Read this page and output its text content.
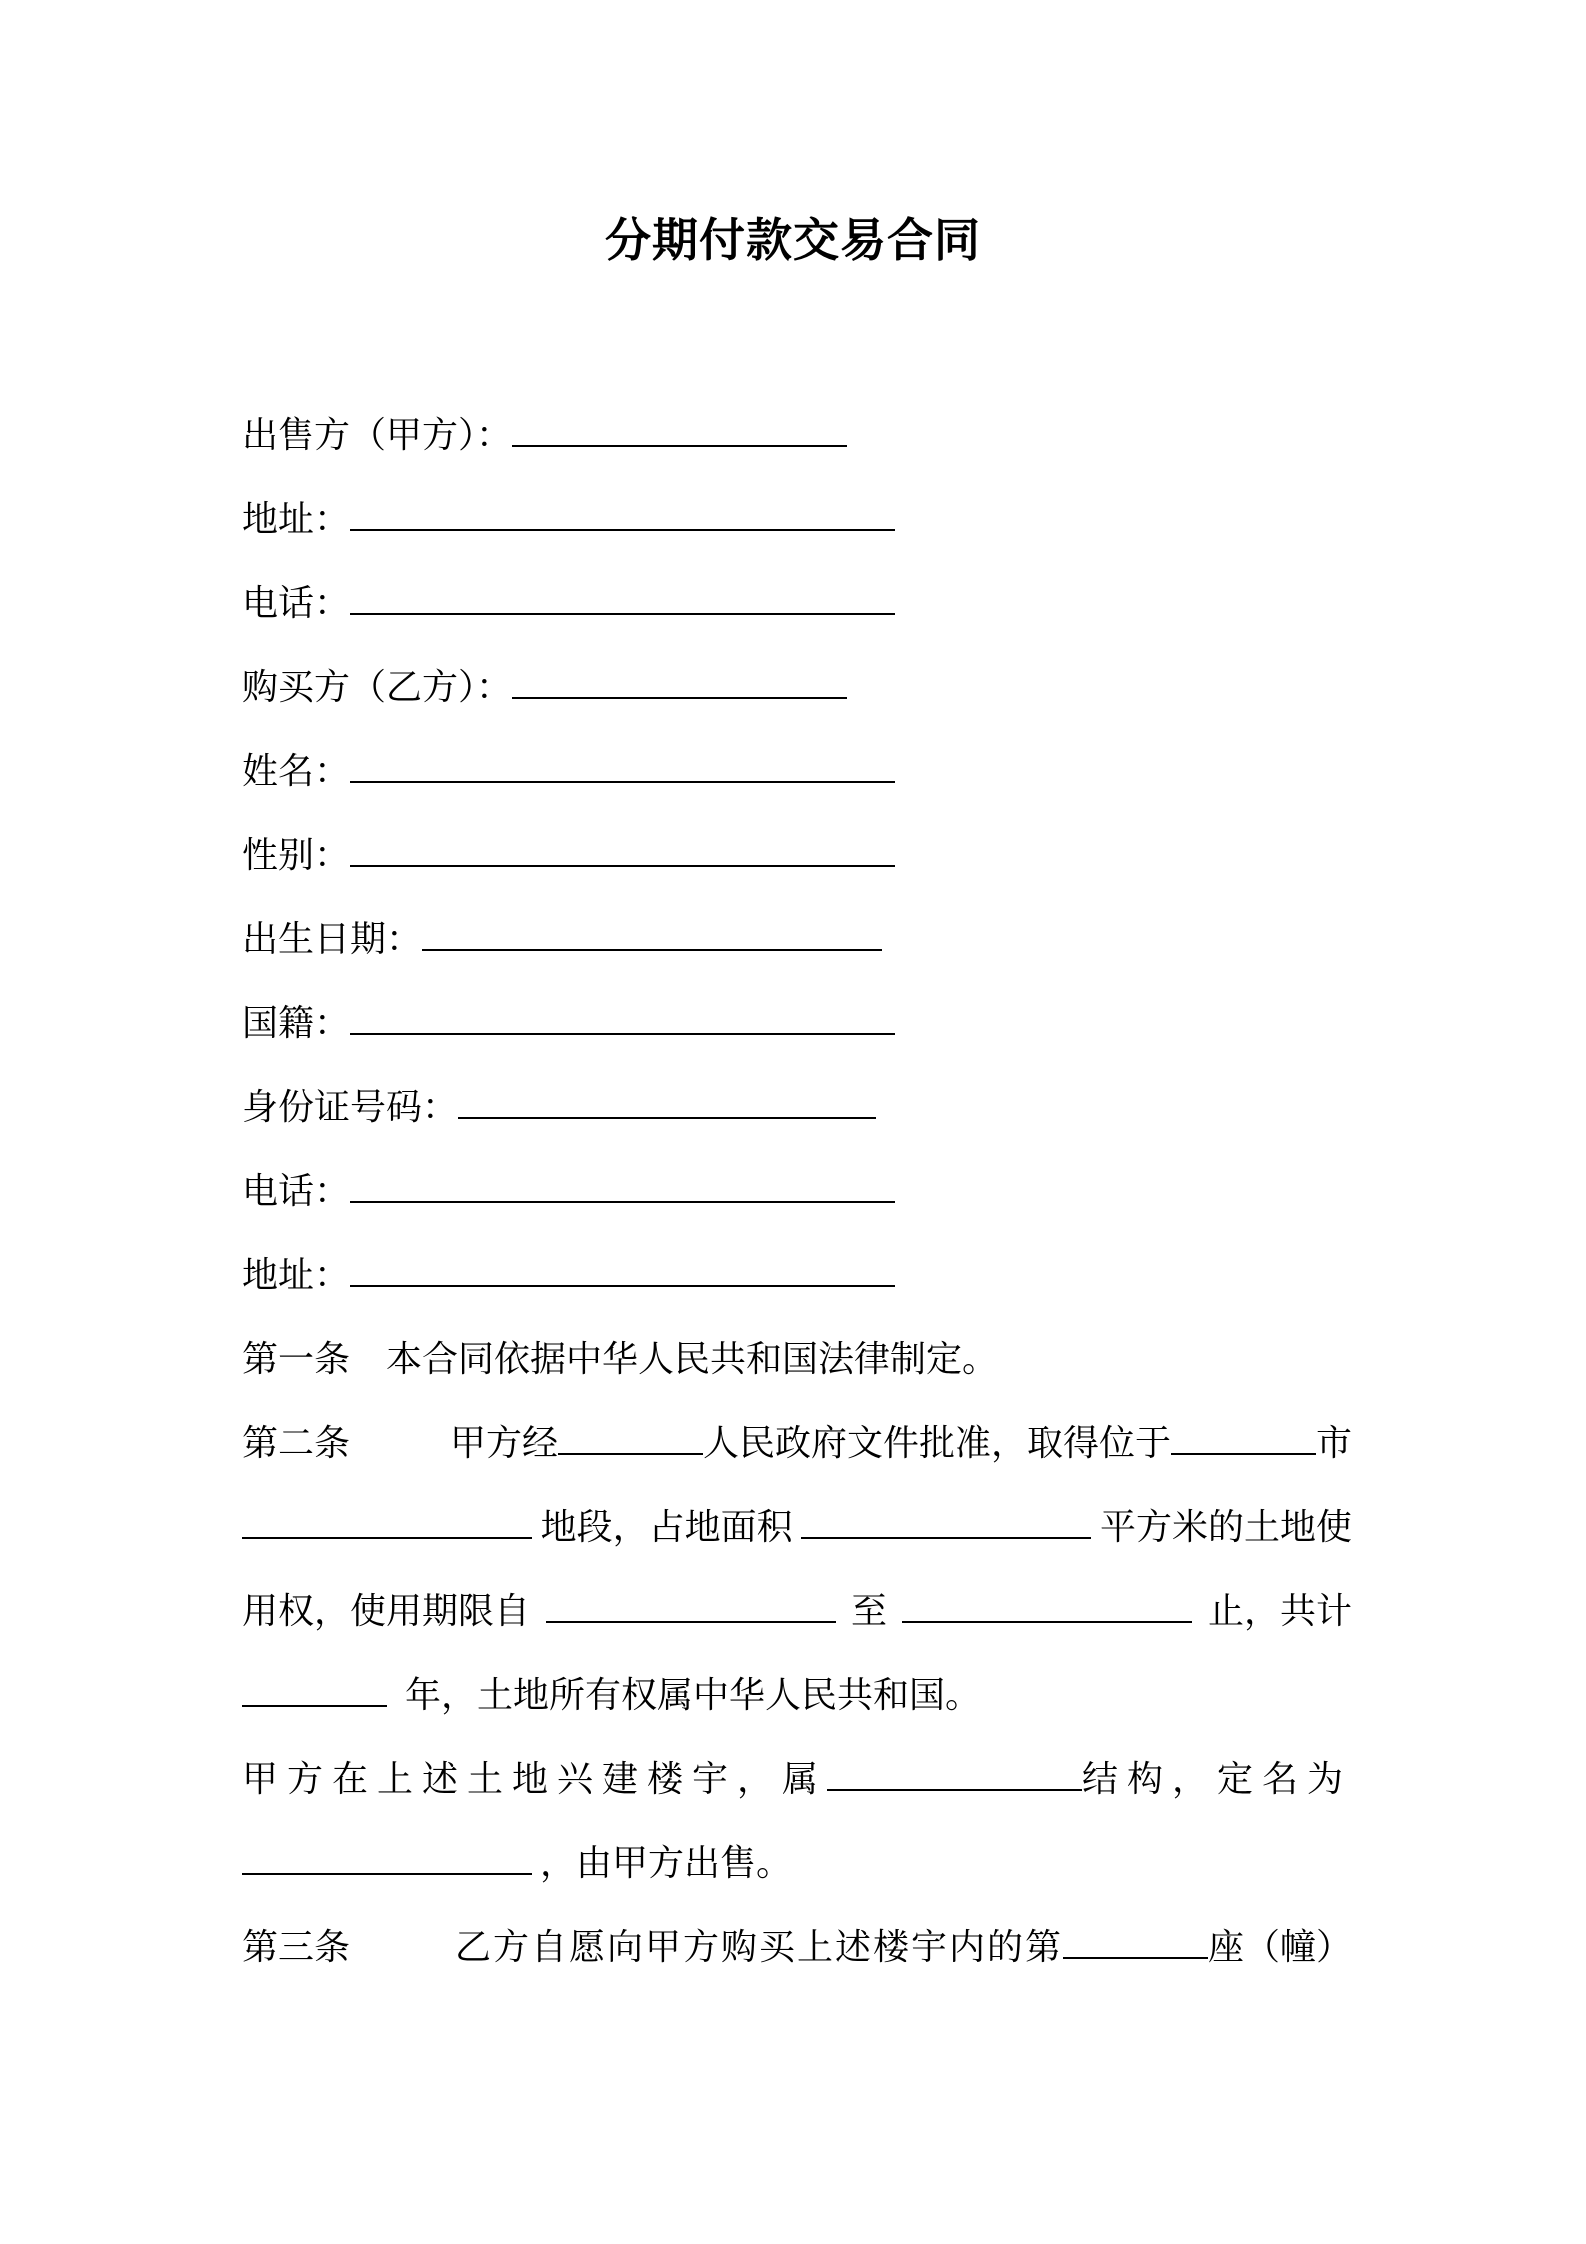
分期付款交易合同
出售方（甲方）：
地址：
电话：
购买方（乙方）：
姓名：
性别：
出生日期：
国籍：
身份证号码：
电话：
地址：
第一条 本合同依据中华人民共和国法律制定。
第二条	甲方经	人民政府文件批准，取得位于	市
地段，占地面积	平方米的土地使
用权，使用期限自	至	止，共计
年，土地所有权属中华人民共和国。
甲方在上述土地兴建楼宇，属	结构，定名为
，由甲方出售。
第三条	乙方自愿向甲方购买上述楼宇内的第	座（幢）
